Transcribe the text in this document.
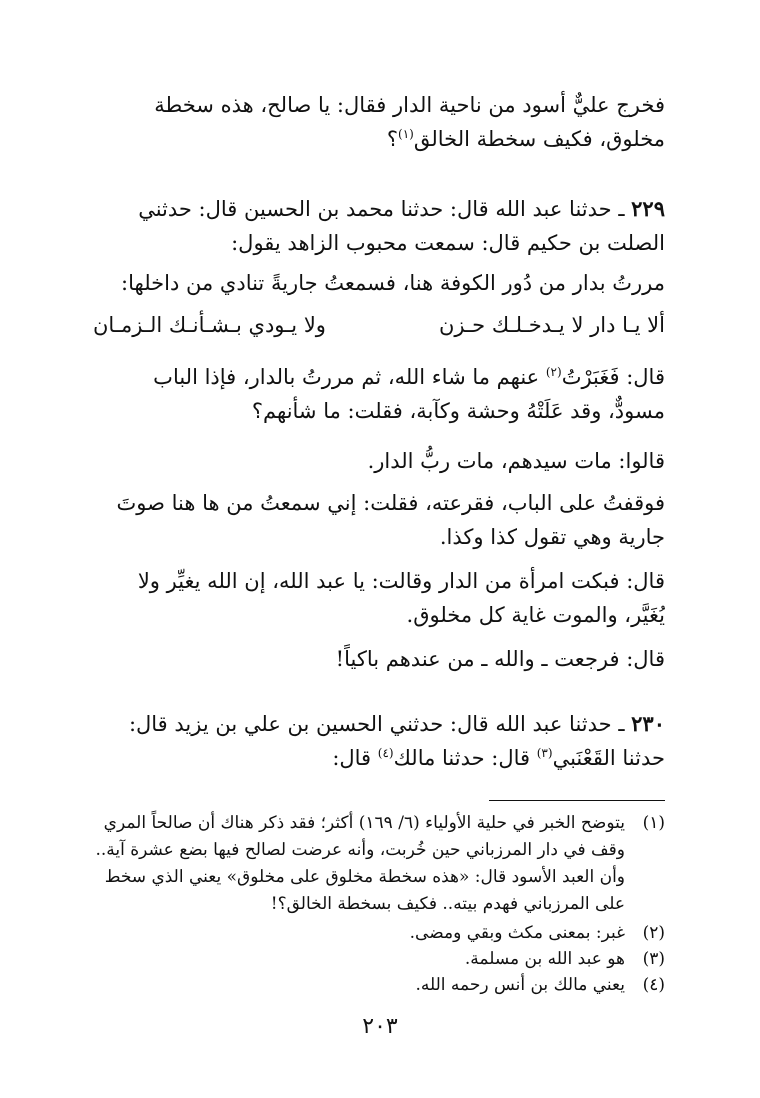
فخرج عليٌّ أسود من ناحية الدار فقال: يا صالح، هذه سخطة
مخلوق، فكيف سخطة الخالق$^{(١)}$؟
٢٢٩ ـ حدثنا عبد الله قال: حدثنا محمد بن الحسين قال: حدثني
الصلت بن حكيم قال: سمعت محبوب الزاهد يقول:
مررتُ بدار من دُور الكوفة هنا، فسمعتُ جاريةً تنادي من داخلها:
ألا يـا دار لا يـدخـلـك حـزن
ولا يـودي بـشـأنـك الـزمـان
قال: فَغَبَرْتُ$^{(٢)}$ عنهم ما شاء الله، ثم مررتُ بالدار، فإذا الباب
مسودٌّ، وقد عَلَتْهُ وحشة وكآبة، فقلت: ما شأنهم؟
قالوا: مات سيدهم، مات ربُّ الدار.
فوقفتُ على الباب، فقرعته، فقلت: إني سمعتُ من ها هنا صوتَ
جارية وهي تقول كذا وكذا.
قال: فبكت امرأة من الدار وقالت: يا عبد الله، إن الله يغيِّر ولا
يُغَيَّر، والموت غاية كل مخلوق.
قال: فرجعت ـ والله ـ من عندهم باكياً!
٢٣٠ ـ حدثنا عبد الله قال: حدثني الحسين بن علي بن يزيد قال:
حدثنا القَعْنَبي$^{(٣)}$ قال: حدثنا مالك$^{(٤)}$ قال:
(١)
يتوضح الخبر في حلية الأولياء (٦/ ١٦٩) أكثر؛ فقد ذكر هناك أن صالحاً المري
وقف في دار المرزباني حين خُربت، وأنه عرضت لصالح فيها بضع عشرة آية..
وأن العبد الأسود قال: «هذه سخطة مخلوق على مخلوق» يعني الذي سخط
على المرزباني فهدم بيته.. فكيف بسخطة الخالق؟!
(٢)
غبر: بمعنى مكث وبقي ومضى.
(٣)
هو عبد الله بن مسلمة.
(٤)
يعني مالك بن أنس رحمه الله.
٢٠٣
